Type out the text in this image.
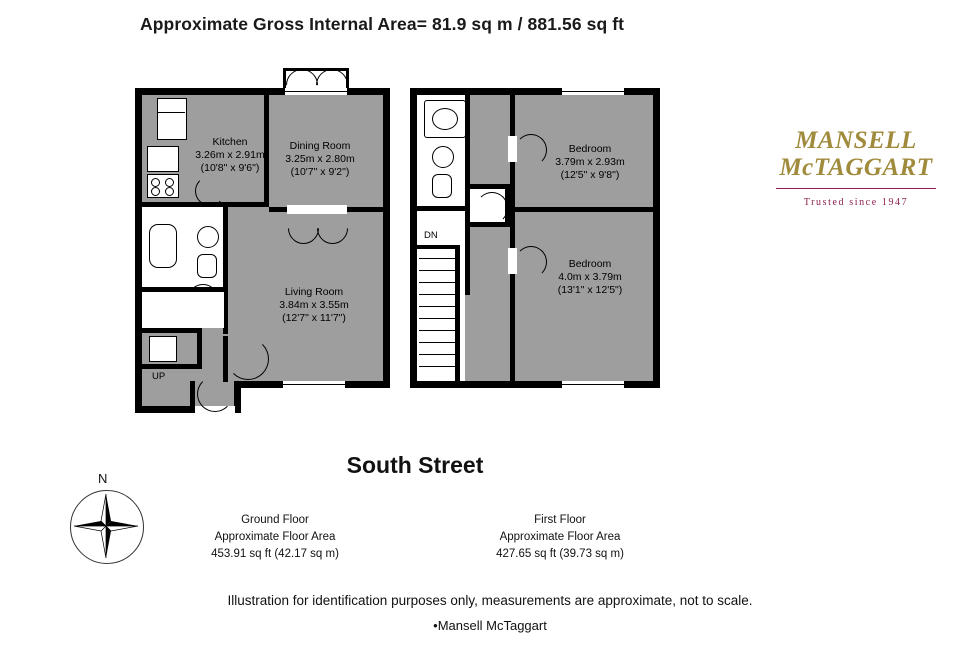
Approximate Gross Internal Area= 81.9 sq m / 881.56 sq ft
Kitchen
3.26m x 2.91m
(10'8" x 9'6")
Dining Room
3.25m x 2.80m
(10'7" x 9'2")
Living Room
3.84m x 3.55m
(12'7" x 11'7")
UP
DN
Bedroom
3.79m x 2.93m
(12'5" x 9'8")
Bedroom
4.0m x 3.79m
(13'1" x 12'5")
MANSELL
McTAGGART
Trusted since 1947
South Street
Ground Floor
Approximate Floor Area
453.91 sq ft (42.17 sq m)
First Floor
Approximate Floor Area
427.65 sq ft (39.73 sq m)
N
Illustration for identification purposes only, measurements are approximate, not to scale.
•Mansell McTaggart
